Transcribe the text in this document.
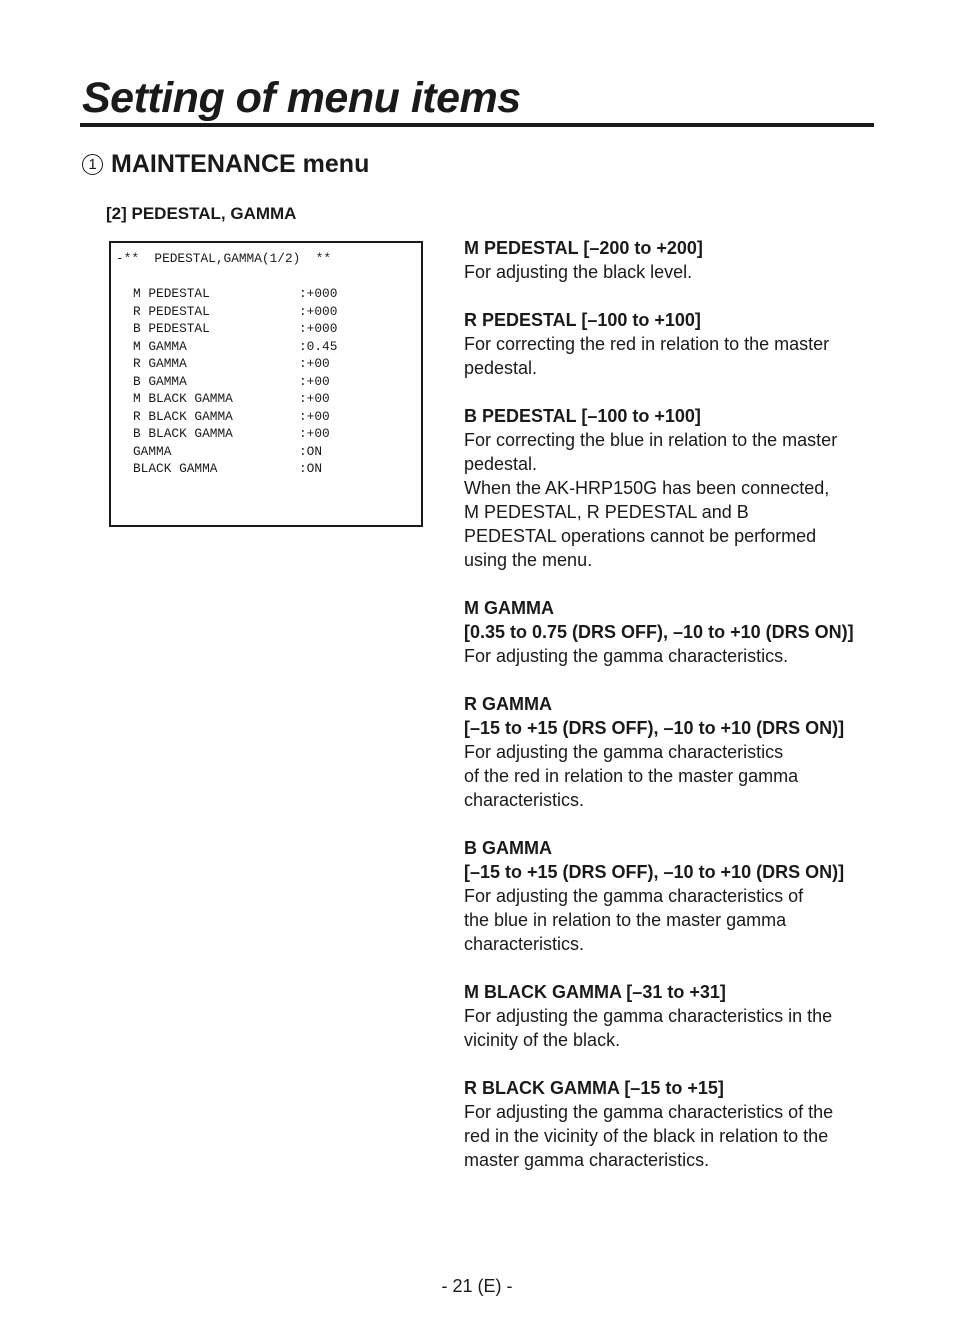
Setting of menu items
1 MAINTENANCE menu
[2] PEDESTAL, GAMMA
-**  PEDESTAL,GAMMA(1/2)  **
M PEDESTAL	:+000
R PEDESTAL	:+000
B PEDESTAL	:+000
M GAMMA	:0.45
R GAMMA	:+00
B GAMMA	:+00
M BLACK GAMMA	:+00
R BLACK GAMMA	:+00
B BLACK GAMMA	:+00
GAMMA	:ON
BLACK GAMMA	:ON
M PEDESTAL [–200 to +200]
For adjusting the black level.
R PEDESTAL [–100 to +100]
For correcting the red in relation to the master
pedestal.
B PEDESTAL [–100 to +100]
For correcting the blue in relation to the master
pedestal.
When the AK-HRP150G has been connected,
M PEDESTAL, R PEDESTAL and B
PEDESTAL operations cannot be performed
using the menu.
M GAMMA
[0.35 to 0.75 (DRS OFF), –10 to +10 (DRS ON)]
For adjusting the gamma characteristics.
R GAMMA
[–15 to +15 (DRS OFF), –10 to +10 (DRS ON)]
For adjusting the gamma characteristics
of the red in relation to the master gamma
characteristics.
B GAMMA
[–15 to +15 (DRS OFF), –10 to +10 (DRS ON)]
For adjusting the gamma characteristics of
the blue in relation to the master gamma
characteristics.
M BLACK GAMMA [–31 to +31]
For adjusting the gamma characteristics in the
vicinity of the black.
R BLACK GAMMA [–15 to +15]
For adjusting the gamma characteristics of the
red in the vicinity of the black in relation to the
master gamma characteristics.
- 21 (E) -
